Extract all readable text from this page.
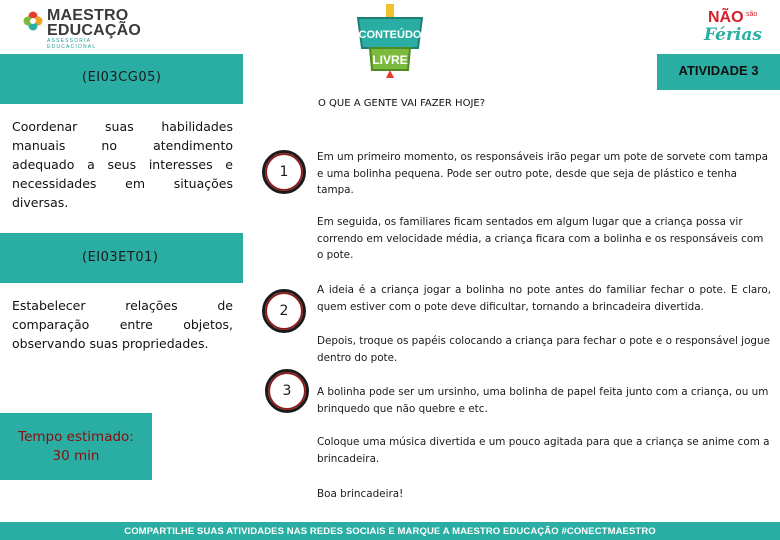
MAESTRO
EDUCAÇÃO
ASSESSORIA EDUCACIONAL
CONTEÚDO
LIVRE
NÃO são
Férias
(EI03CG05)	ATIVIDADE 3
O QUE A GENTE VAI FAZER HOJE?
Coordenar suas habilidades manuais no atendimento adequado a seus interesses e necessidades em situações diversas.
(EI03ET01)
Estabelecer relações de comparação entre objetos, observando suas propriedades.
Tempo estimado:
30 min
1
2
3
Em um primeiro momento, os responsáveis irão pegar um pote de sorvete com tampa e uma bolinha pequena. Pode ser outro pote, desde que seja de plástico e tenha tampa.
Em seguida, os familiares ficam sentados em algum lugar que a criança possa vir correndo em velocidade média, a criança ficara com a bolinha e os responsáveis com o pote.
A ideia é a criança jogar a bolinha no pote antes do familiar fechar o pote. E claro, quem estiver com o pote deve dificultar, tornando a brincadeira divertida.
Depois, troque os papéis colocando a criança para fechar o pote e o responsável jogue dentro do pote.
A bolinha pode ser um ursinho, uma bolinha de papel feita junto com a criança, ou um brinquedo que não quebre e etc.
Coloque uma música divertida e um pouco agitada para que a criança se anime com a brincadeira.
Boa brincadeira!
COMPARTILHE SUAS ATIVIDADES NAS REDES SOCIAIS E MARQUE A MAESTRO EDUCAÇÃO #CONECTMAESTRO
